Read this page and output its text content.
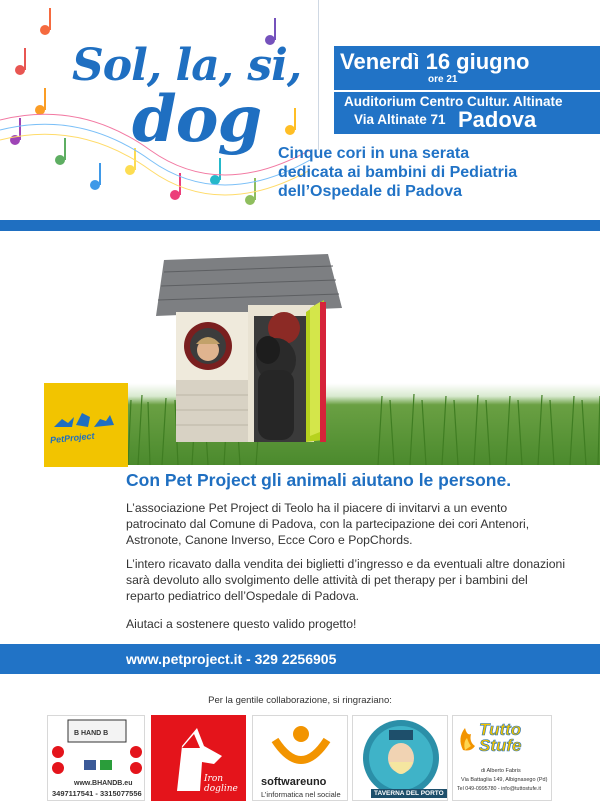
Sol, la, si,
dog
Venerdì 16 giugno
ore 21
Auditorium Centro Cultur. Altinate
Via Altinate 71 Padova
Cinque cori in una serata
dedicata ai bambini di Pediatria
dell’Ospedale di Padova
PetProject
Con Pet Project gli animali aiutano le persone.

L’associazione Pet Project di Teolo ha il piacere di invitarvi a un evento patrocinato dal Comune di Padova, con la partecipazione dei cori Antenori, Astronote, Canone Inverso, Ecce Coro e PopChords.

L’intero ricavato dalla vendita dei biglietti d’ingresso e da eventuali altre donazioni sarà devoluto allo svolgimento delle attività di pet therapy per i bambini del reparto pediatrico dell’Ospedale di Padova.

Aiutaci a sostenere questo valido progetto!

www.petproject.it - 329 2256905
Per la gentile collaborazione, si ringraziano:
B HAND B
www.BHANDB.eu
3497117541 - 3315077556
Iron dogline
softwareuno
L’informatica nel sociale	TAVERNA DEL PORTO
Tutto Stufe
di Alberto Fabris
Via Battaglia 149, Albignasego (Pd)
Tel 049-0995780 - info@tuttostufe.it
